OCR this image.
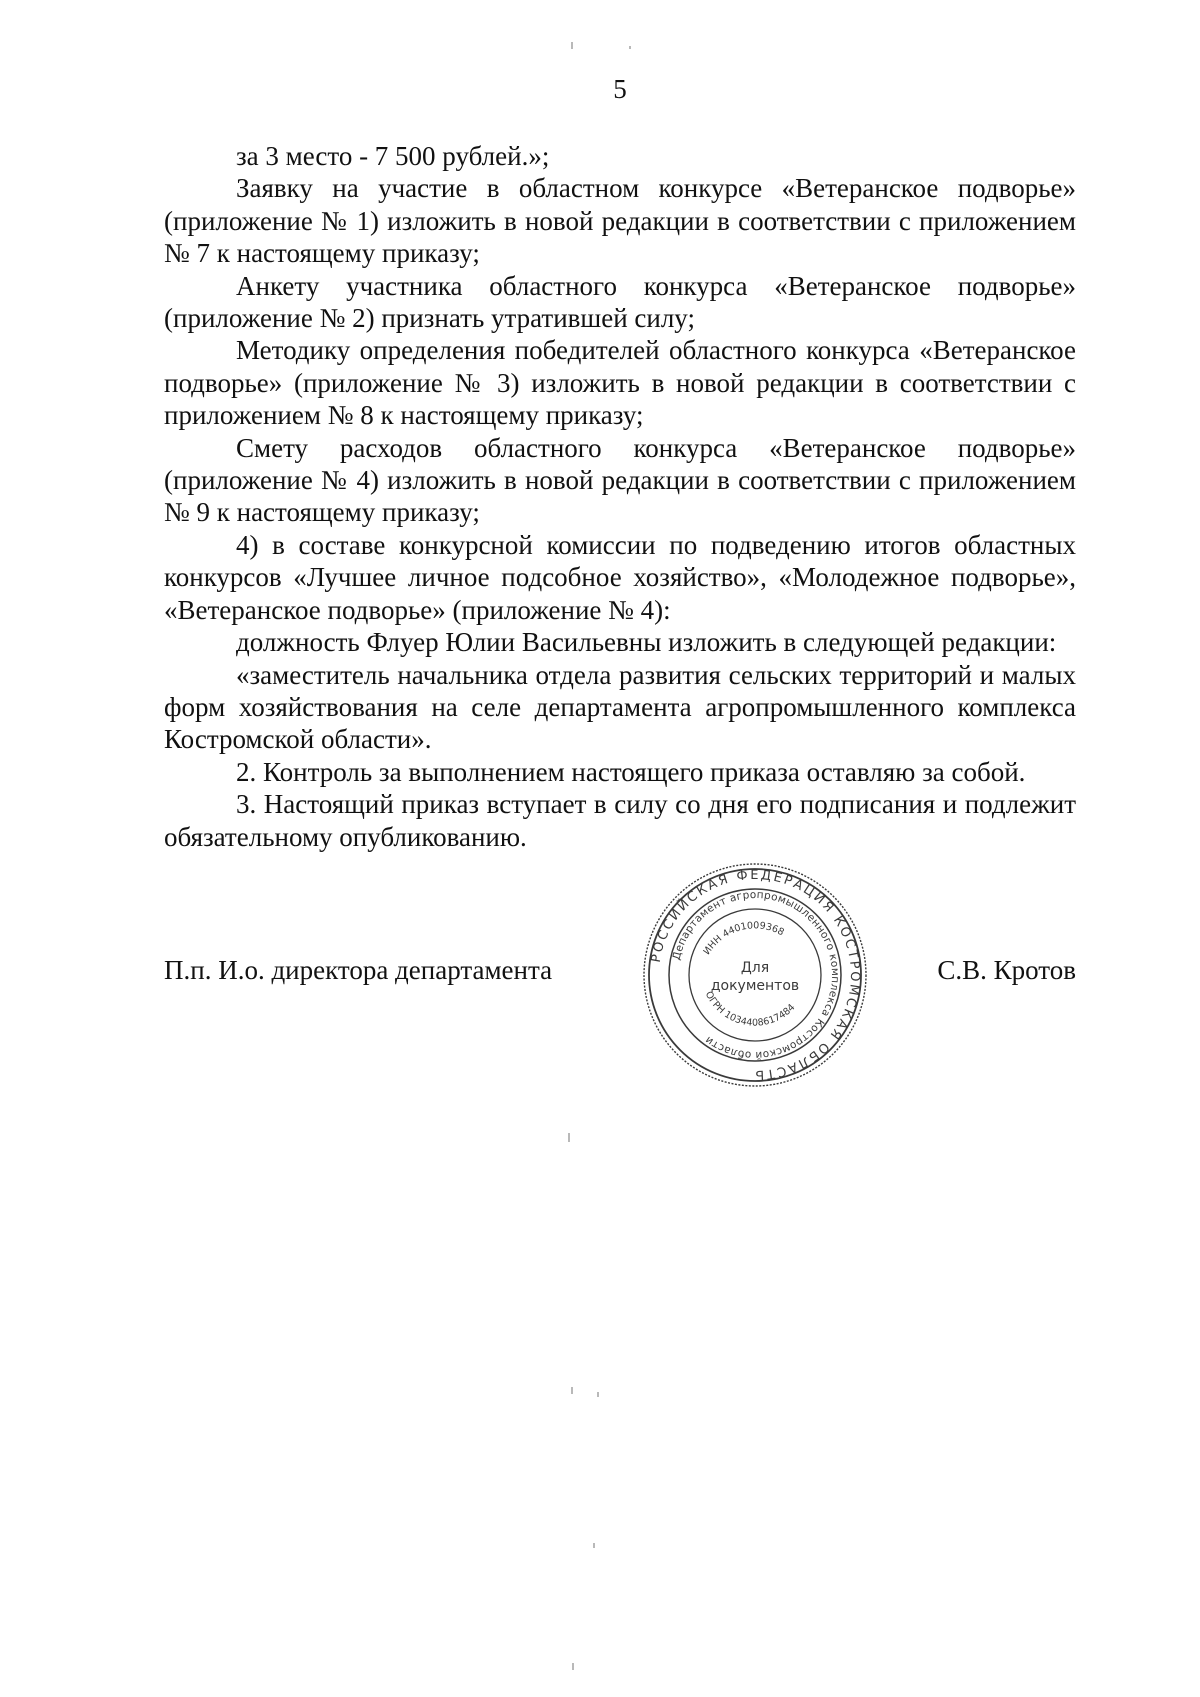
5

за 3 место - 7 500 рублей.»;

Заявку на участие в областном конкурсе «Ветеранское подворье» (приложение № 1) изложить в новой редакции в соответствии с приложением № 7 к настоящему приказу;

Анкету участника областного конкурса «Ветеранское подворье» (приложение № 2) признать утратившей силу;

Методику определения победителей областного конкурса «Ветеранское подворье» (приложение № 3) изложить в новой редакции в соответствии с приложением № 8 к настоящему приказу;

Смету расходов областного конкурса «Ветеранское подворье» (приложение № 4) изложить в новой редакции в соответствии с приложением № 9 к настоящему приказу;

4) в составе конкурсной комиссии по подведению итогов областных конкурсов «Лучшее личное подсобное хозяйство», «Молодежное подворье», «Ветеранское подворье» (приложение № 4):

должность Флуер Юлии Васильевны изложить в следующей редакции:

«заместитель начальника отдела развития сельских территорий и малых форм хозяйствования на селе департамента агропромышленного комплекса Костромской области».

2. Контроль за выполнением настоящего приказа оставляю за собой.

3. Настоящий приказ вступает в силу со дня его подписания и подлежит обязательному опубликованию.

П.п. И.о. директора департамента	С.В. Кротов
РОССИЙСКАЯ ФЕДЕРАЦИЯ КОСТРОМСКАЯ ОБЛАСТЬ
Департамент агропромышленного комплекса Костромской области
ИНН 4401009368
ОГРН 1034408617484
Для
документов
